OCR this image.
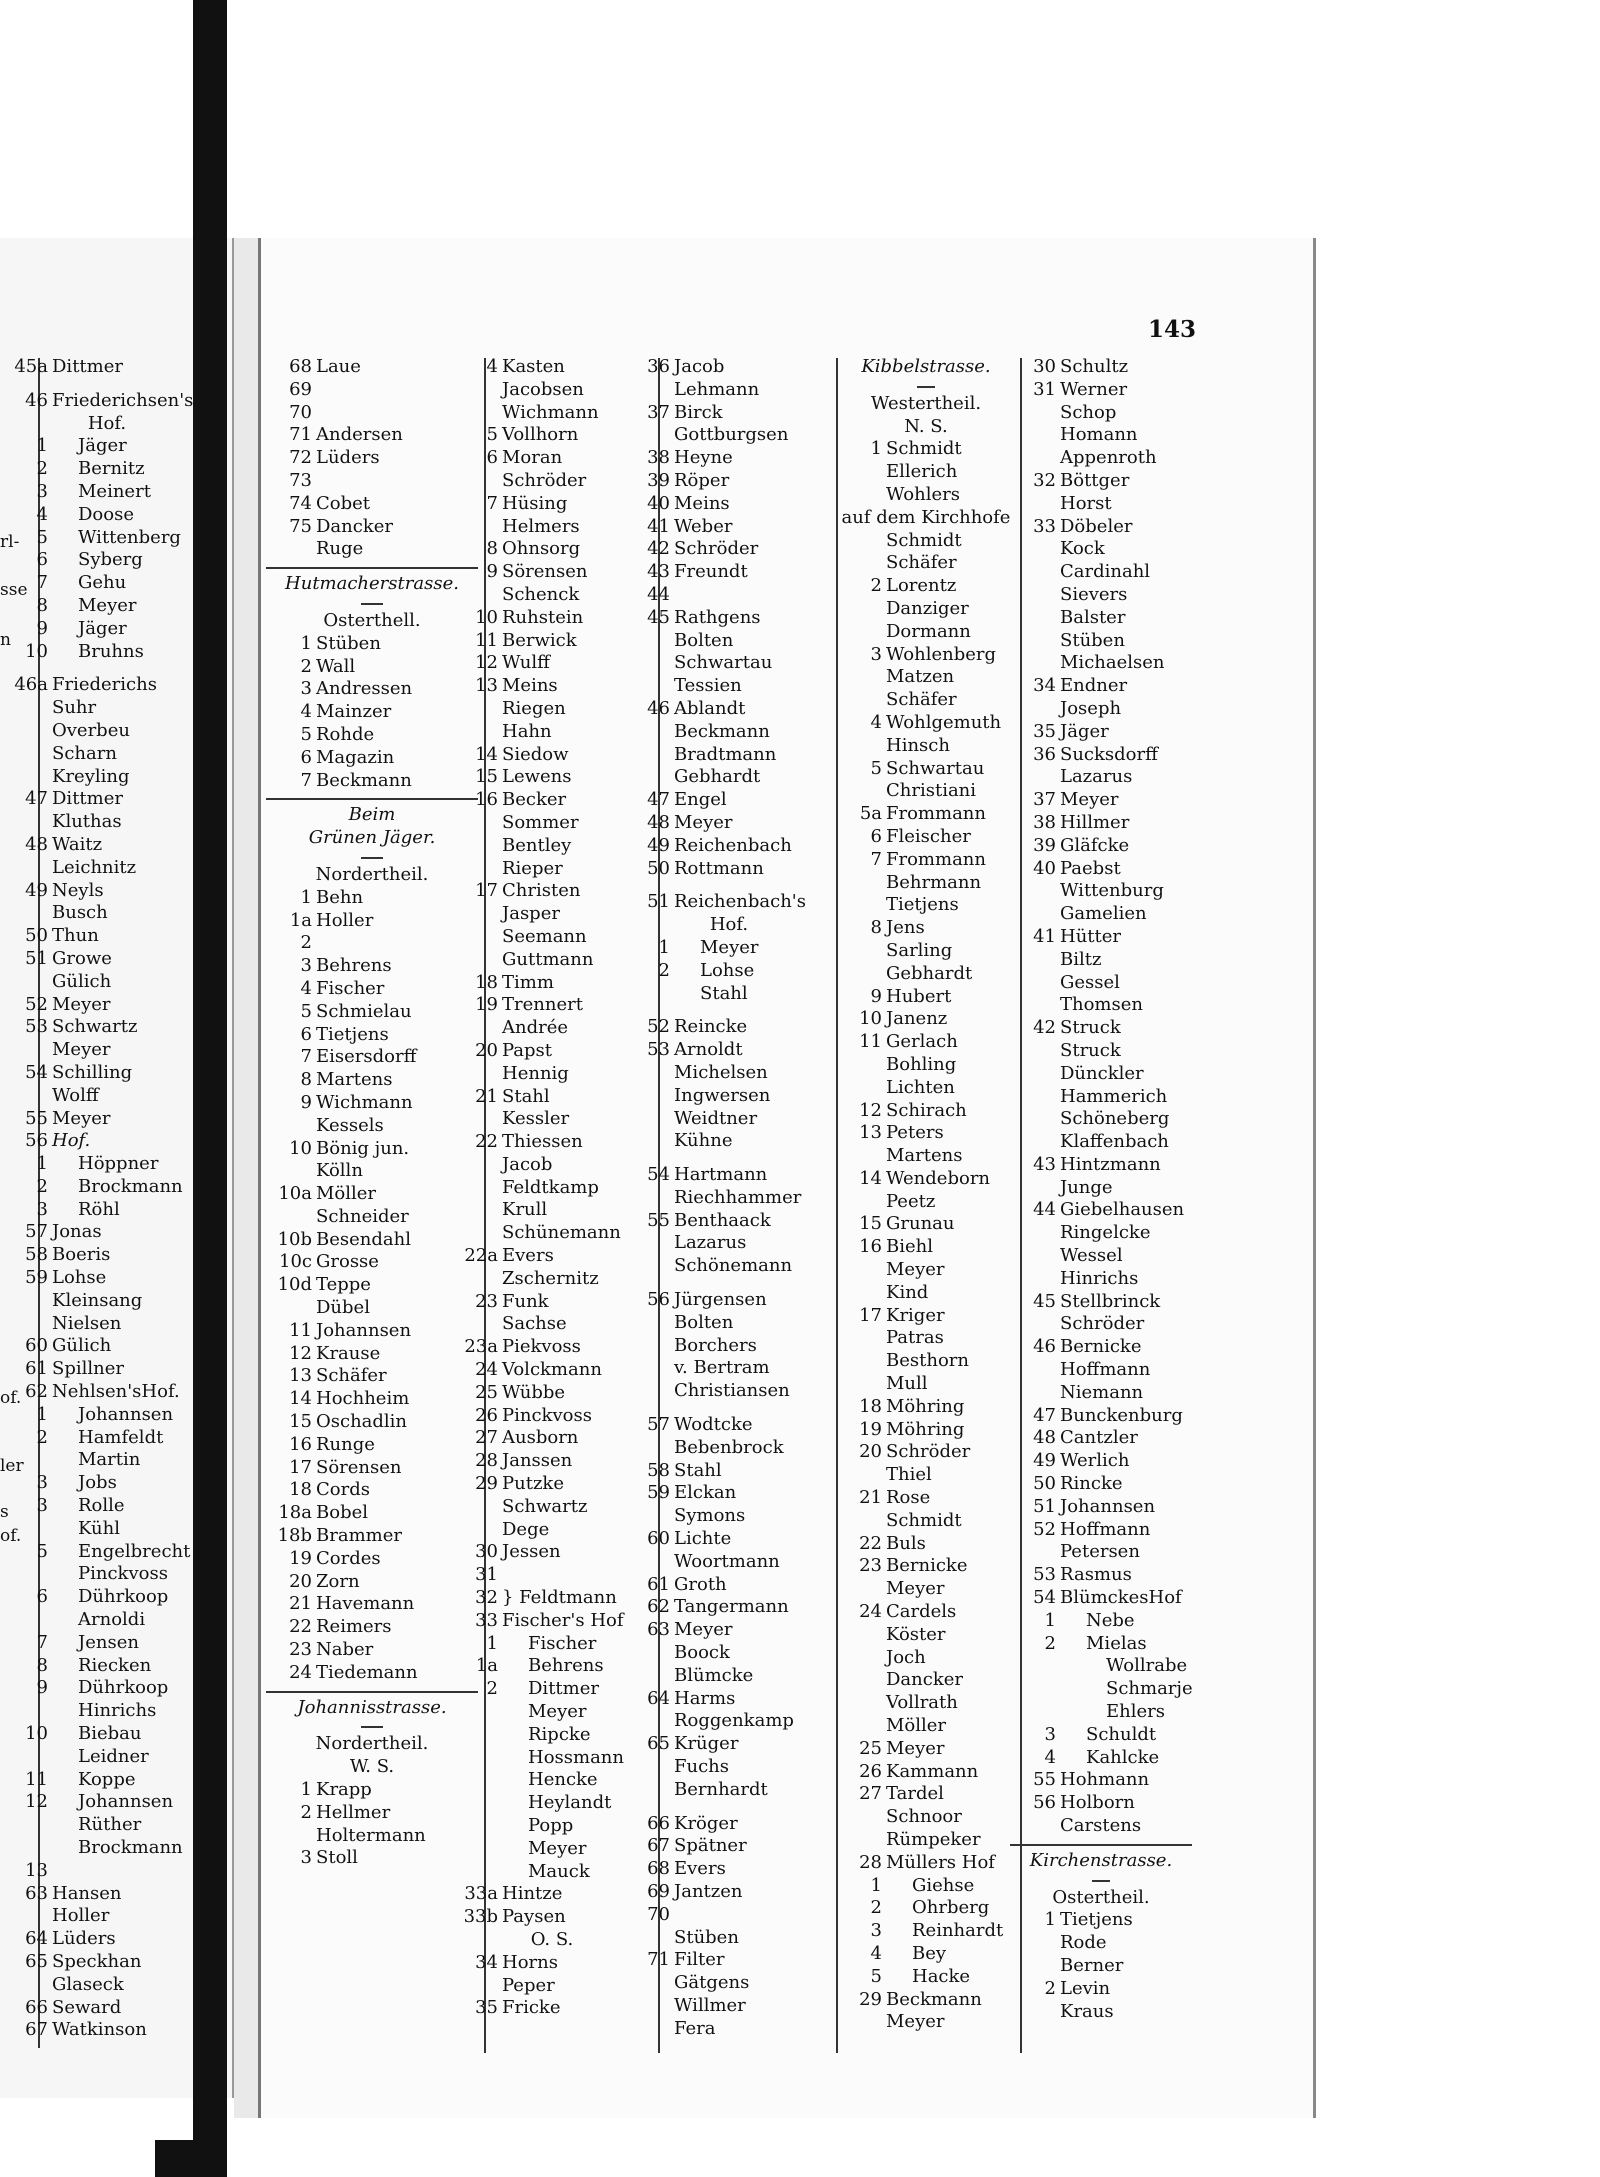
rl-
sse
n
of.
ler
s
of.
143
45a Dittmer
46 Friederichsen's
Hof.
1 Jäger
2 Bernitz
3 Meinert
4 Doose
5 Wittenberg
6 Syberg
7 Gehu
8 Meyer
9 Jäger
10 Bruhns
46a Friederichs
Suhr
Overbeu
Scharn
Kreyling
47 Dittmer
Kluthas
48 Waitz
Leichnitz
49 Neyls
Busch
50 Thun
51 Growe
Gülich
52 Meyer
53 Schwartz
Meyer
54 Schilling
Wolff
55 Meyer
56 Hof.
1 Höppner
2 Brockmann
3 Röhl
57 Jonas
58 Boeris
59 Lohse
Kleinsang
Nielsen
60 Gülich
61 Spillner
62 Nehlsen'sHof.
1 Johannsen
2 Hamfeldt
Martin
3 Jobs
3 Rolle
Kühl
5 Engelbrecht
Pinckvoss
6 Dührkoop
Arnoldi
7 Jensen
8 Riecken
9 Dührkoop
Hinrichs
10 Biebau
Leidner
11 Koppe
12 Johannsen
Rüther
Brockmann
13
63 Hansen
Holler
64 Lüders
65 Speckhan
Glaseck
66 Seward
67 Watkinson
68 Laue
69
70
71 Andersen
72 Lüders
73
74 Cobet
75 Dancker
Ruge
Hutmacherstrasse.
Osterthell.
1 Stüben
2 Wall
3 Andressen
4 Mainzer
5 Rohde
6 Magazin
7 Beckmann
Beim
Grünen Jäger.
Nordertheil.
1 Behn
1a Holler
2
3 Behrens
4 Fischer
5 Schmielau
6 Tietjens
7 Eisersdorff
8 Martens
9 Wichmann
Kessels
10 Bönig jun.
Kölln
10a Möller
Schneider
10b Besendahl
10c Grosse
10d Teppe
Dübel
11 Johannsen
12 Krause
13 Schäfer
14 Hochheim
15 Oschadlin
16 Runge
17 Sörensen
18 Cords
18a Bobel
18b Brammer
19 Cordes
20 Zorn
21 Havemann
22 Reimers
23 Naber
24 Tiedemann
Johannisstrasse.
Nordertheil.
W. S.
1 Krapp
2 Hellmer
Holtermann
3 Stoll
4 Kasten
Jacobsen
Wichmann
5 Vollhorn
6 Moran
Schröder
7 Hüsing
Helmers
8 Ohnsorg
9 Sörensen
Schenck
10 Ruhstein
11 Berwick
12 Wulff
13 Meins
Riegen
Hahn
14 Siedow
15 Lewens
16 Becker
Sommer
Bentley
Rieper
17 Christen
Jasper
Seemann
Guttmann
18 Timm
19 Trennert
Andrée
20 Papst
Hennig
21 Stahl
Kessler
22 Thiessen
Jacob
Feldtkamp
Krull
Schünemann
22a Evers
Zschernitz
23 Funk
Sachse
23a Piekvoss
24 Volckmann
25 Wübbe
26 Pinckvoss
27 Ausborn
28 Janssen
29 Putzke
Schwartz
Dege
30 Jessen
31
32 } Feldtmann
33 Fischer's Hof
1 Fischer
1a Behrens
2 Dittmer
Meyer
Ripcke
Hossmann
Hencke
Heylandt
Popp
Meyer
Mauck
33a Hintze
33b Paysen
O. S.
34 Horns
Peper
35 Fricke
36 Jacob
Lehmann
37 Birck
Gottburgsen
38 Heyne
39 Röper
40 Meins
41 Weber
42 Schröder
43 Freundt
44
45 Rathgens
Bolten
Schwartau
Tessien
46 Ablandt
Beckmann
Bradtmann
Gebhardt
47 Engel
48 Meyer
49 Reichenbach
50 Rottmann
51 Reichenbach's
Hof.
1 Meyer
2 Lohse
Stahl
52 Reincke
53 Arnoldt
Michelsen
Ingwersen
Weidtner
Kühne
54 Hartmann
Riechhammer
55 Benthaack
Lazarus
Schönemann
56 Jürgensen
Bolten
Borchers
v. Bertram
Christiansen
57 Wodtcke
Bebenbrock
58 Stahl
59 Elckan
Symons
60 Lichte
Woortmann
61 Groth
62 Tangermann
63 Meyer
Boock
Blümcke
64 Harms
Roggenkamp
65 Krüger
Fuchs
Bernhardt
66 Kröger
67 Spätner
68 Evers
69 Jantzen
70
Stüben
71 Filter
Gätgens
Willmer
Fera
Kibbelstrasse.
Westertheil.
N. S.
1 Schmidt
Ellerich
Wohlers
auf dem Kirchhofe
Schmidt
Schäfer
2 Lorentz
Danziger
Dormann
3 Wohlenberg
Matzen
Schäfer
4 Wohlgemuth
Hinsch
5 Schwartau
Christiani
5a Frommann
6 Fleischer
7 Frommann
Behrmann
Tietjens
8 Jens
Sarling
Gebhardt
9 Hubert
10 Janenz
11 Gerlach
Bohling
Lichten
12 Schirach
13 Peters
Martens
14 Wendeborn
Peetz
15 Grunau
16 Biehl
Meyer
Kind
17 Kriger
Patras
Besthorn
Mull
18 Möhring
19 Möhring
20 Schröder
Thiel
21 Rose
Schmidt
22 Buls
23 Bernicke
Meyer
24 Cardels
Köster
Joch
Dancker
Vollrath
Möller
25 Meyer
26 Kammann
27 Tardel
Schnoor
Rümpeker
28 Müllers Hof
1 Giehse
2 Ohrberg
3 Reinhardt
4 Bey
5 Hacke
29 Beckmann
Meyer
30 Schultz
31 Werner
Schop
Homann
Appenroth
32 Böttger
Horst
33 Döbeler
Kock
Cardinahl
Sievers
Balster
Stüben
Michaelsen
34 Endner
Joseph
35 Jäger
36 Sucksdorff
Lazarus
37 Meyer
38 Hillmer
39 Gläfcke
40 Paebst
Wittenburg
Gamelien
41 Hütter
Biltz
Gessel
Thomsen
42 Struck
Struck
Dünckler
Hammerich
Schöneberg
Klaffenbach
43 Hintzmann
Junge
44 Giebelhausen
Ringelcke
Wessel
Hinrichs
45 Stellbrinck
Schröder
46 Bernicke
Hoffmann
Niemann
47 Bunckenburg
48 Cantzler
49 Werlich
50 Rincke
51 Johannsen
52 Hoffmann
Petersen
53 Rasmus
54 BlümckesHof
1 Nebe
2 Mielas
Wollrabe
Schmarje
Ehlers
3 Schuldt
4 Kahlcke
55 Hohmann
56 Holborn
Carstens
Kirchenstrasse.
Ostertheil.
1 Tietjens
Rode
Berner
2 Levin
Kraus
